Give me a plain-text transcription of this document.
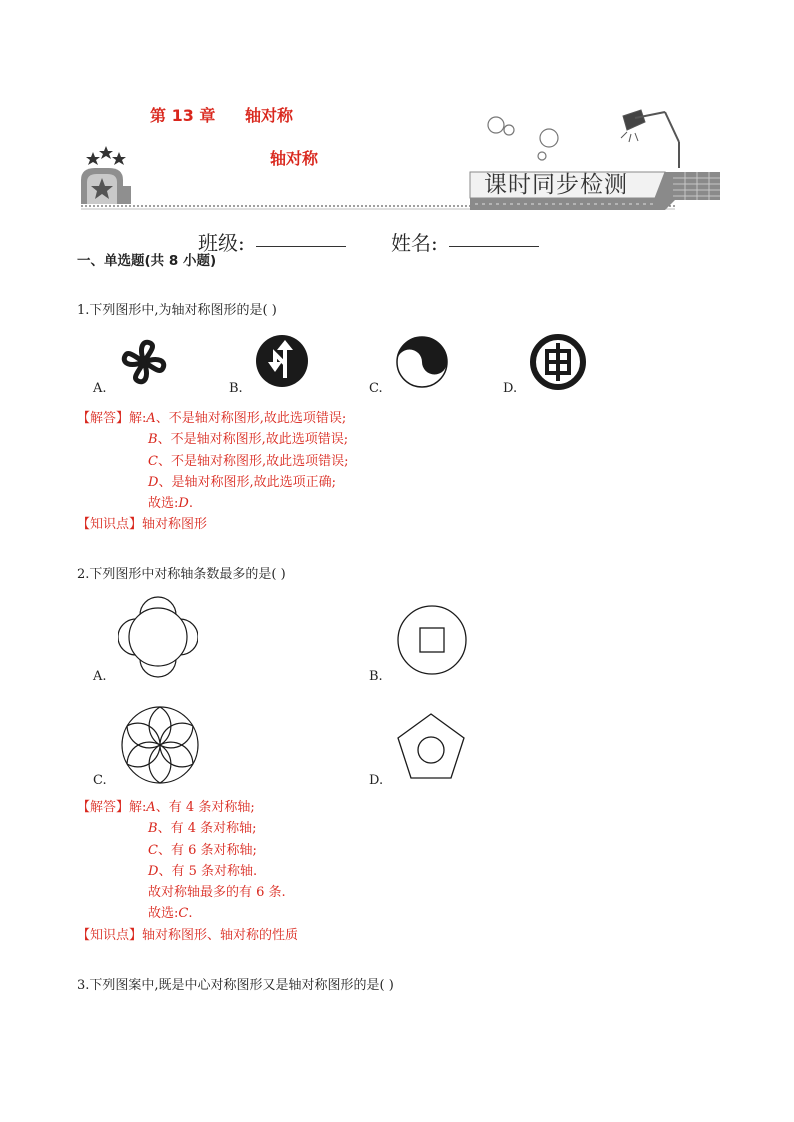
第 13 章 轴对称
轴对称
课时同步检测
班级:	姓名:
一、单选题(共 8 小题)
1.下列图形中,为轴对称图形的是( )
A.	B.	C.	D.
【解答】解:A、不是轴对称图形,故此选项错误;
B、不是轴对称图形,故此选项错误;
C、不是轴对称图形,故此选项错误;
D、是轴对称图形,故此选项正确;
故选:D.
【知识点】轴对称图形
2.下列图形中对称轴条数最多的是( )
A.	B.
C.	D.
【解答】解:A、有 4 条对称轴;
B、有 4 条对称轴;
C、有 6 条对称轴;
D、有 5 条对称轴.
故对称轴最多的有 6 条.
故选:C.
【知识点】轴对称图形、轴对称的性质
3.下列图案中,既是中心对称图形又是轴对称图形的是( )
